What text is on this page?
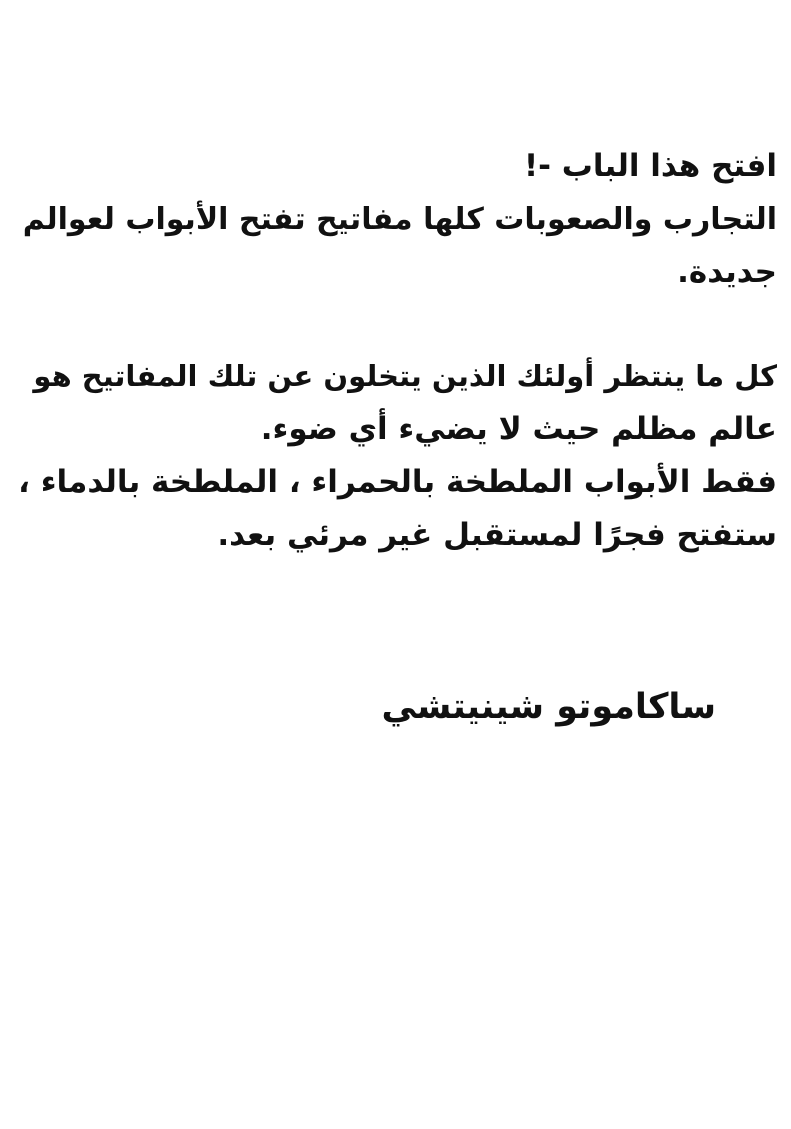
افتح هذا الباب -!
التجارب والصعوبات كلها مفاتيح تفتح الأبواب لعوالم
جديدة.
كل ما ينتظر أولئك الذين يتخلون عن تلك المفاتيح هو
عالم مظلم حيث لا يضيء أي ضوء.
فقط الأبواب الملطخة بالحمراء ، الملطخة بالدماء ،
ستفتح فجرًا لمستقبل غير مرئي بعد.
ساكاموتو شينيتشي
